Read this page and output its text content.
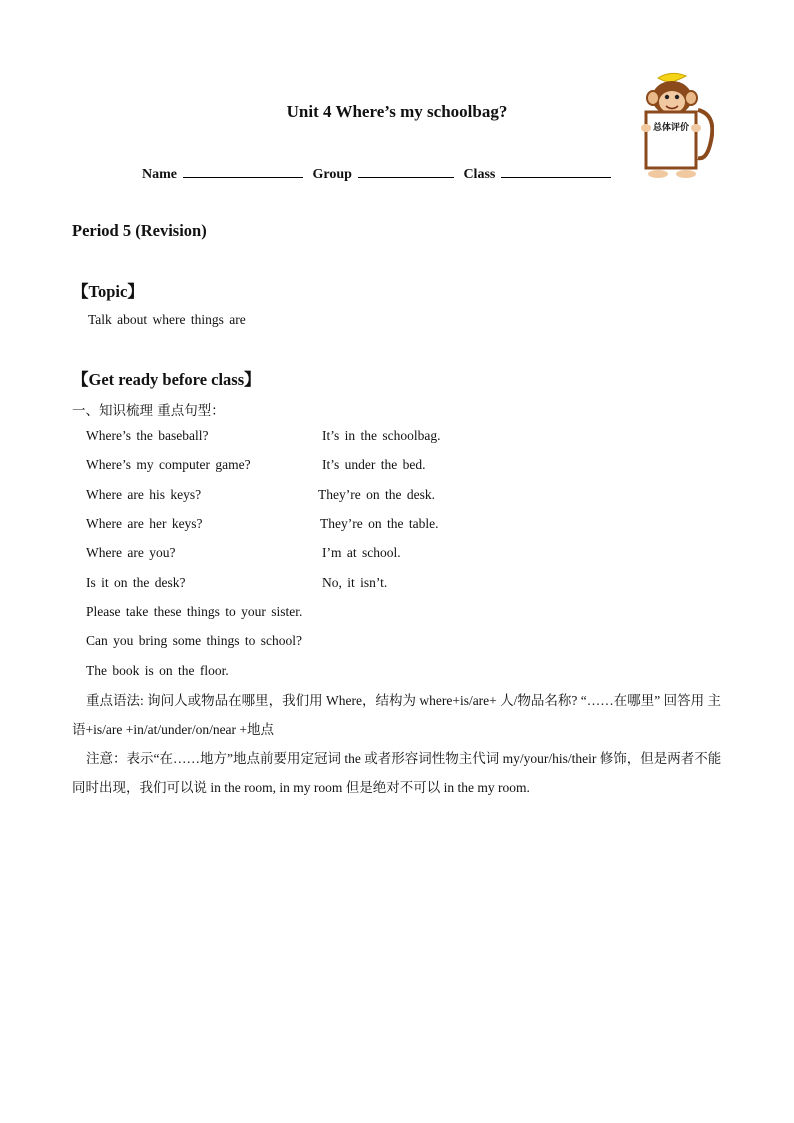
Unit 4 Where’s my schoolbag?
Name	Group	Class
总体评价
Period 5 (Revision)
【Topic】
Talk about where things are
【Get ready before class】
一、知识梳理 重点句型：
Where’s the baseball?	It’s in the schoolbag.
Where’s my computer game?	It’s under the bed.
Where are his keys?	They’re on the desk.
Where are her keys?	They’re on the table.
Where are you?	I’m at school.
Is it on the desk?	No, it isn’t.
Please take these things to your sister.
Can you bring some things to school?
The book is on the floor.
重点语法: 询问人或物品在哪里，我们用 Where，结构为 where+is/are+ 人/物品名称? “……在哪里” 回答用 主语+is/are +in/at/under/on/near +地点
注意：表示“在……地方”地点前要用定冠词 the 或者形容词性物主代词 my/your/his/their 修饰，但是两者不能同时出现，我们可以说 in the room, in my room 但是绝对不可以 in the my room.
